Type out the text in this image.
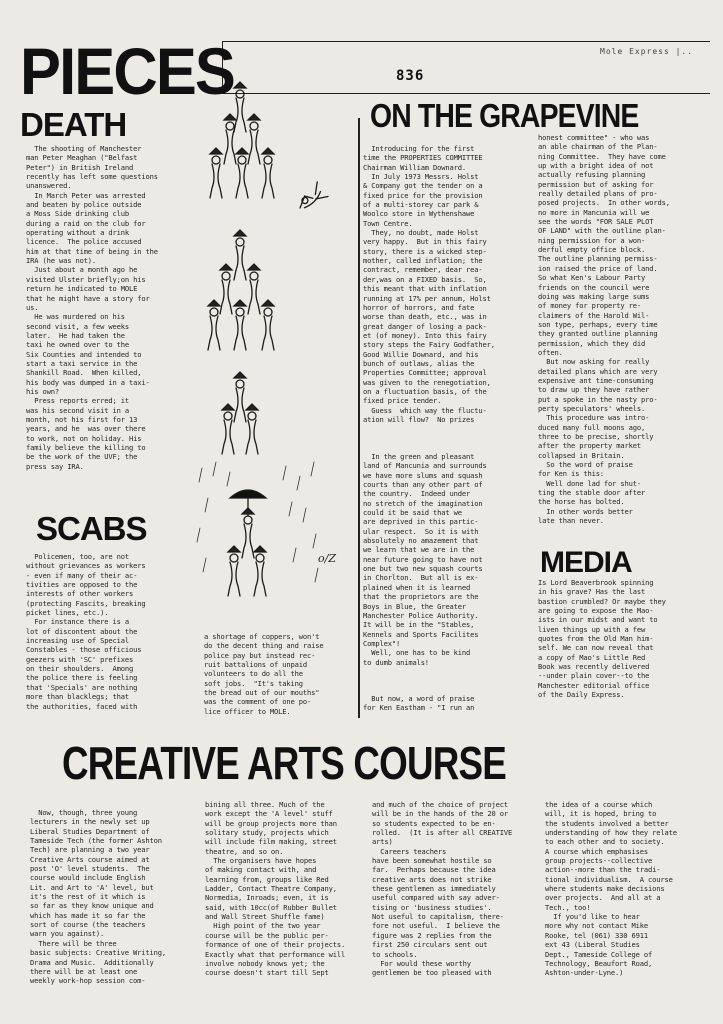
Mole Express |..
836
PIECES
DEATH
The shooting of Manchester
man Peter Meaghan ("Belfast
Peter") in British Ireland
recently has left some questions
unanswered.
In March Peter was arrested
and beaten by police outside
a Moss Side drinking club
during a raid on the club for
operating without a drink
licence.  The police accused
him at that time of being in the
IRA (he was not).
Just about a month ago he
visited Ulster briefly;on his
return he indicated to MOLE
that he might have a story for
us.
He was murdered on his
second visit, a few weeks
later.  He had taken the
taxi he owned over to the
Six Counties and intended to
start a taxi service in the
Shankill Road.  When killed,
his body was dumped in a taxi-
his own?
Press reports erred; it
was his second visit in a
month, not his first for 13
years, and he  was over there
to work, not on holiday. His
family believe the killing to
be the work of the UVF; the
press say IRA.
SCABS
Policemen, too, are not
without grievances as workers
- even if many of their ac-
tivities are opposed to the
interests of other workers
(protecting Fascits, breaking
picket lines, etc.).
For instance there is a
lot of discontent about the
increasing use of Special
Constables - those officious
geezers with 'SC' prefixes
on their shoulders.  Among
the police there is feeling
that 'Specials' are nothing
more than blacklegs; that
the authorities, faced with
o/Z
a shortage of coppers, won't
do the decent thing and raise
police pay but instead rec-
ruit battalions of unpaid
volunteers to do all the
soft jobs.  "It's taking
the bread out of our mouths"
was the comment of one po-
lice officer to MOLE.
ON THE GRAPEVINE
Introducing for the first
time the PROPERTIES COMMITTEE
Chairman William Downard.
In July 1973 Messrs. Holst
& Company got the tender on a
fixed price for the provision
of a multi-storey car park &
Woolco store in Wythenshawe
Town Centre.
They, no doubt, made Holst
very happy.  But in this fairy
story, there is a wicked step-
mother, called inflation; the
contract, remember, dear rea-
der,was on a FIXED basis.  So,
this meant that with inflation
running at 17% per annum, Holst
horror of horrors, and fate
worse than death, etc., was in
great danger of losing a pack-
et (of money). Into this fairy
story steps the Fairy Godfather,
Good Willie Downard, and his
bunch of outlaws, alias the
Properties Committee; approval
was given to the renegotiation,
on a fluctuation basis, of the
fixed price tender.
Guess  which way the fluctu-
ation will flow?  No prizes
In the green and pleasant
land of Mancunia and surrounds
we have more slums and squash
courts than any other part of
the country.  Indeed under
no stretch of the imagination
could it be said that we
are deprived in this partic-
ular respect.  So it is with
absolutely no amazement that
we learn that we are in the
near future going to have not
one but two new squash courts
in Chorlton.  But all is ex-
plained when it is learned
that the proprietors are the
Boys in Blue, the Greater
Manchester Police Authority.
It will be in the "Stables,
Kennels and Sports Facilites
Complex"!
Well, one has to be kind
to dumb animals!
But now, a word of praise
for Ken Eastham - "I run an
honest committee" - who was
an able chairman of the Plan-
ning Committee.  They have come
up with a bright idea of not
actually refusing planning
permission but of asking for
really detailed plans of pro-
posed projects.  In other words,
no more in Mancunia will we
see the words "FOR SALE PLOT
OF LAND" with the outline plan-
ning permission for a won-
derful empty office block.
The outline planning permiss-
ion raised the price of land.
So what Ken's Labour Party
friends on the council were
doing was making large sums
of money for property re-
claimers of the Harold Wil-
son type, perhaps, every time
they granted outline planning
permission, which they did
often.
But now asking for really
detailed plans which are very
expensive ant time-consuming
to draw up they have rather
put a spoke in the nasty pro-
perty speculators' wheels.
This procedure was intro-
duced many full moons ago,
three to be precise, shortly
after the property market
collapsed in Britain.
So the word of praise
for Ken is this:
Well done lad for shut-
ting the stable door after
the horse has bolted.
In other words better
late than never.
MEDIA
Is Lord Beaverbrook spinning
in his grave? Has the last
bastion crumbled? Or maybe they
are going to expose the Mao-
ists in our midst and want to
liven things up with a few
quotes from the Old Man him-
self. We can now reveal that
a copy of Mao's Little Red
Book was recently delivered
--under plain cover--to the
Manchester editorial office
of the Daily Express.
CREATIVE ARTS COURSE
Now, though, three young
lecturers in the newly set up
Liberal Studies Department of
Tameside Tech (the former Ashton
Tech) are planning a two year
Creative Arts course aimed at
post 'O' level students.  The
course would include English
Lit. and Art to 'A' level, but
it's the rest of it which is
so far as they know unique and
which has made it so far the
sort of course (the teachers
warn you against).
There will be three
basic subjects: Creative Writing,
Drama and Music.  Additionally
there will be at least one
weekly work-hop session com-
bining all three. Much of the
work except the 'A level' stuff
will be group projects more than
solitary study, projects which
will include film making, street
theatre, and so on.
The organisers have hopes
of making contact with, and
learning from, groups like Red
Ladder, Contact Theatre Company,
Normedia, Inroads; even, it is
said, with 10cc(of Rubber Bullet
and Wall Street Shuffle fame)
High point of the two year
course will be the public per-
formance of one of their projects.
Exactly what that performance will
involve nobody knows yet; the
course doesn't start till Sept
and much of the choice of project
will be in the hands of the 20 or
so students expected to be en-
rolled.  (It is after all CREATIVE
arts)
Careers teachers
have been somewhat hostile so
far.  Perhaps because the idea
creative arts does not strike
these gentlemen as immediately
useful compared with say adver-
tising or 'business studies'.
Not useful to capitalism, there-
fore not useful.  I believe the
figure was 2 replies from the
first 250 circulars sent out
to schools.
For would these worthy
gentlemen be too pleased with
the idea of a course which
will, it is hoped, bring to
the students involved a better
understanding of how they relate
to each other and to society.
A course which emphasises
group projects--collective
action--more than the tradi-
tional individualism.  A course
where students make decisions
over projects.  And all at a
Tech., too!
If you'd like to hear
more why not contact Mike
Rooke, tel (061) 330 6911
ext 43 (Liberal Studies
Dept., Tameside College of
Technology, Beaufort Road,
Ashton-under-Lyne.)
